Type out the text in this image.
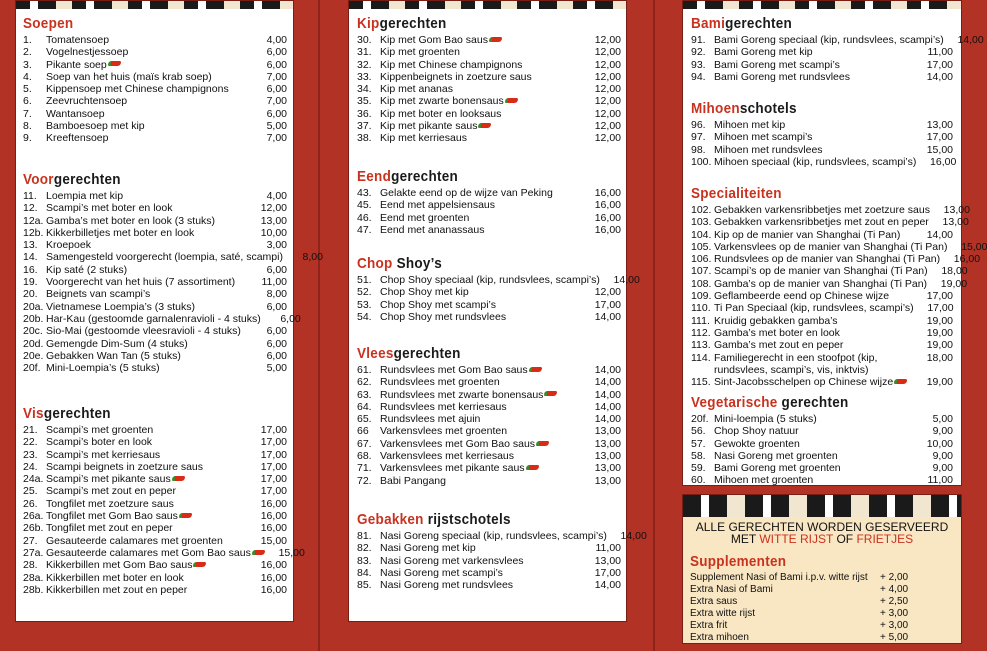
Soepen
1.	Tomatensoep	4,00
2.	Vogelnestjessoep	6,00
3.	Pikante soep	6,00
4.	Soep van het huis (maïs krab soep)	7,00
5.	Kippensoep met Chinese champignons	6,00
6.	Zeevruchtensoep	7,00
7.	Wantansoep	6,00
8.	Bamboesoep met kip	5,00
9.	Kreeftensoep	7,00
Voorgerechten
11. Loempia met kip	4,00
12. Scampi’s met boter en look	12,00
12a. Gamba’s met boter en look (3 stuks)	13,00
12b. Kikkerbilletjes met boter en look	10,00
13. Kroepoek	3,00
14. Samengesteld voorgerecht (loempia, saté, scampi)	8,00
16. Kip saté (2 stuks)	6,00
19. Voorgerecht van het huis (7 assortiment)	11,00
20. Beignets van scampi’s	8,00
20a. Vietnamese Loempia’s (3 stuks)	6,00
20b. Har-Kau (gestoomde garnalenravioli - 4 stuks)	6,00
20c. Sio-Mai (gestoomde vleesravioli - 4 stuks)	6,00
20d. Gemengde Dim-Sum (4 stuks)	6,00
20e. Gebakken Wan Tan (5 stuks)	6,00
20f. Mini-Loempia’s (5 stuks)	5,00
Visgerechten
21. Scampi’s met groenten	17,00
22. Scampi’s boter en look	17,00
23. Scampi’s met kerriesaus	17,00
24. Scampi beignets in zoetzure saus	17,00
24a. Scampi’s met pikante saus	17,00
25. Scampi’s met zout en peper	17,00
26. Tongfilet met zoetzure saus	16,00
26a. Tongfilet met Gom Bao saus	16,00
26b. Tongfilet met zout en peper	16,00
27. Gesauteerde calamares met groenten	15,00
27a. Gesauteerde calamares met Gom Bao saus	15,00
28. Kikkerbillen met Gom Bao saus	16,00
28a. Kikkerbillen met boter en look	16,00
28b. Kikkerbillen met zout en peper	16,00
Kipgerechten
30. Kip met Gom Bao saus	12,00
31. Kip met groenten	12,00
32. Kip met Chinese champignons	12,00
33. Kippenbeignets in zoetzure saus	12,00
34. Kip met ananas	12,00
35. Kip met zwarte bonensaus	12,00
36. Kip met boter en looksaus	12,00
37. Kip met pikante saus	12,00
38. Kip met kerriesaus	12,00
Eendgerechten
43. Gelakte eend op de wijze van Peking	16,00
45. Eend met appelsiensaus	16,00
46. Eend met groenten	16,00
47. Eend met ananassaus	16,00
Chop Shoy’s
51. Chop Shoy speciaal (kip, rundsvlees, scampi’s)	14,00
52. Chop Shoy met kip	12,00
53. Chop Shoy met scampi’s	17,00
54. Chop Shoy met rundsvlees	14,00
Vleesgerechten
61. Rundsvlees met Gom Bao saus	14,00
62. Rundsvlees met groenten	14,00
63. Rundsvlees met zwarte bonensaus	14,00
64. Rundsvlees met kerriesaus	14,00
65. Rundsvlees met ajuin	14,00
66	Varkensvlees met groenten	13,00
67. Varkensvlees met Gom Bao saus	13,00
68. Varkensvlees met kerriesaus	13,00
71. Varkensvlees met pikante saus	13,00
72. Babi Pangang	13,00
Gebakken rijstschotels
81. Nasi Goreng speciaal (kip, rundsvlees, scampi’s)	14,00
82. Nasi Goreng met kip	11,00
83. Nasi Goreng met varkensvlees	13,00
84. Nasi Goreng met scampi’s	17,00
85. Nasi Goreng met rundsvlees	14,00
Bamigerechten
91. Bami Goreng speciaal (kip, rundsvlees, scampi’s)	14,00
92. Bami Goreng met kip	11,00
93. Bami Goreng met scampi’s	17,00
94. Bami Goreng met rundsvlees	14,00
Mihoenschotels
96. Mihoen met kip	13,00
97. Mihoen met scampi’s	17,00
98. Mihoen met rundsvlees	15,00
100. Mihoen speciaal (kip, rundsvlees, scampi’s)	16,00
Specialiteiten
102. Gebakken varkensribbetjes met zoetzure saus	13,00
103. Gebakken varkensribbetjes met zout en peper	13,00
104. Kip op de manier van Shanghai (Ti Pan)	14,00
105. Varkensvlees op de manier van Shanghai (Ti Pan)	15,00
106. Rundsvlees op de manier van Shanghai (Ti Pan)	16,00
107. Scampi’s op de manier van Shanghai (Ti Pan)	18,00
108. Gamba’s op de manier van Shanghai (Ti Pan)	19,00
109. Geflambeerde eend op Chinese wijze	17,00
110. Ti Pan Speciaal (kip, rundsvlees, scampi’s)	17,00
111. Kruidig gebakken gamba’s	19,00
112. Gamba’s met boter en look	19,00
113. Gamba’s met zout en peper	19,00
114. Familiegerecht in een stoofpot (kip, rundsvlees, scampi’s, vis, inktvis)
18,00
115. Sint-Jacobsschelpen op Chinese wijze	19,00
Vegetarische gerechten
20f. Mini-loempia (5 stuks)	5,00
56. Chop Shoy natuur	9,00
57. Gewokte groenten	10,00
58. Nasi Goreng met groenten	9,00
59. Bami Goreng met groenten	9,00
60. Mihoen met groenten	11,00
ALLE GERECHTEN WORDEN GESERVEERD
MET WITTE RIJST OF FRIETJES
Supplementen
Supplement Nasi of Bami i.p.v. witte rijst	+ 2,00
Extra Nasi of Bami	+ 4,00
Extra saus	+ 2,50
Extra witte rijst	+ 3,00
Extra frit	+ 3,00
Extra mihoen	+ 5,00
